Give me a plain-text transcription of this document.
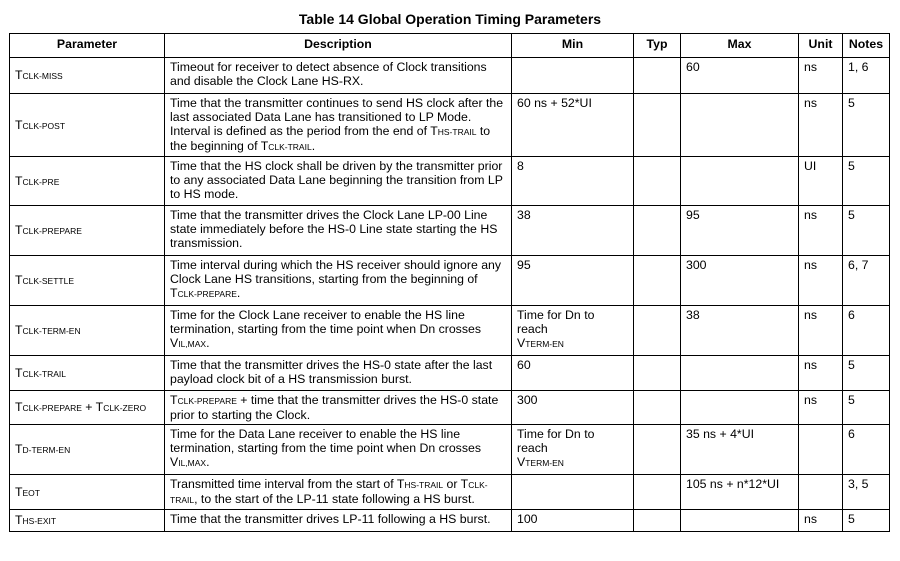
Table 14 Global Operation Timing Parameters
Parameter	Description	Min	Typ	Max	Unit	Notes
TCLK-MISS	Timeout for receiver to detect absence of Clock transitions
and disable the Clock Lane HS-RX.			60	ns	1, 6
TCLK-POST	Time that the transmitter continues to send HS clock after the
last associated Data Lane has transitioned to LP Mode.
Interval is defined as the period from the end of THS-TRAIL to
the beginning of TCLK-TRAIL.	60 ns + 52*UI			ns	5
TCLK-PRE	Time that the HS clock shall be driven by the transmitter prior
to any associated Data Lane beginning the transition from LP
to HS mode.	8			UI	5
TCLK-PREPARE	Time that the transmitter drives the Clock Lane LP-00 Line
state immediately before the HS-0 Line state starting the HS
transmission.	38		95	ns	5
TCLK-SETTLE	Time interval during which the HS receiver should ignore any
Clock Lane HS transitions, starting from the beginning of
TCLK-PREPARE.	95		300	ns	6, 7
TCLK-TERM-EN	Time for the Clock Lane receiver to enable the HS line
termination, starting from the time point when Dn crosses
VIL,MAX.	Time for Dn to reach
VTERM-EN		38	ns	6
TCLK-TRAIL	Time that the transmitter drives the HS-0 state after the last
payload clock bit of a HS transmission burst.	60			ns	5
TCLK-PREPARE + TCLK-ZERO	TCLK-PREPARE + time that the transmitter drives the HS-0 state
prior to starting the Clock.	300			ns	5
TD-TERM-EN	Time for the Data Lane receiver to enable the HS line
termination, starting from the time point when Dn crosses
VIL,MAX.	Time for Dn to reach
VTERM-EN		35 ns + 4*UI		6
TEOT	Transmitted time interval from the start of THS-TRAIL or TCLK-
TRAIL, to the start of the LP-11 state following a HS burst.			105 ns + n*12*UI		3, 5
THS-EXIT	Time that the transmitter drives LP-11 following a HS burst.	100			ns	5
